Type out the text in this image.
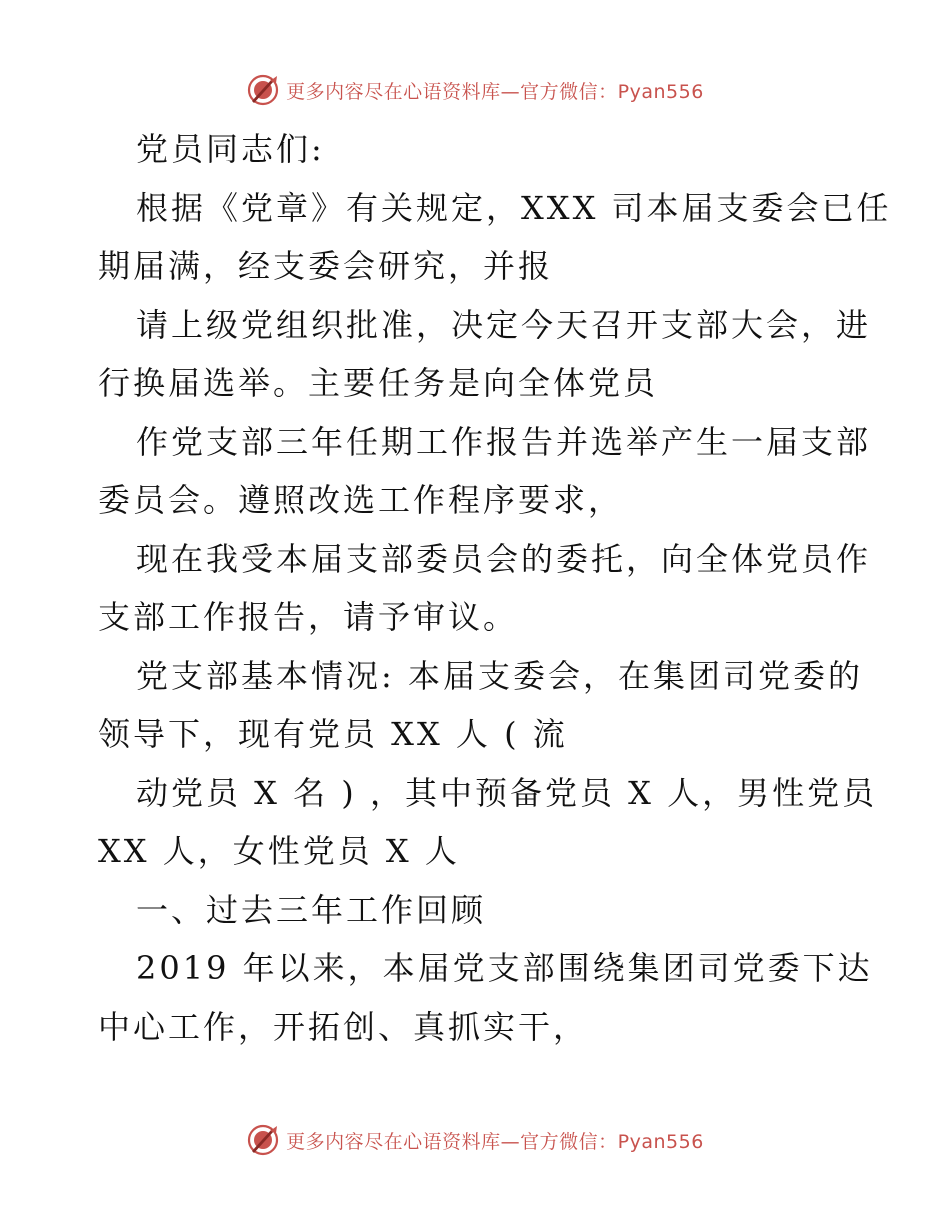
更多内容尽在心语资料库—官方微信：Pyan556
党员同志们:
根据《党章》有关规定，XXX 司本届支委会已任
期届满，经支委会研究，并报
请上级党组织批准，决定今天召开支部大会，进
行换届选举。主要任务是向全体党员
作党支部三年任期工作报告并选举产生一届支部
委员会。遵照改选工作程序要求，
现在我受本届支部委员会的委托，向全体党员作
支部工作报告，请予审议。
党支部基本情况: 本届支委会，在集团司党委的
领导下，现有党员 XX 人 ( 流
动党员 X 名 ) ，其中预备党员 X 人，男性党员
XX 人，女性党员 X 人
一、过去三年工作回顾
2019 年以来，本届党支部围绕集团司党委下达
中心工作，开拓创、真抓实干，
更多内容尽在心语资料库—官方微信：Pyan556
